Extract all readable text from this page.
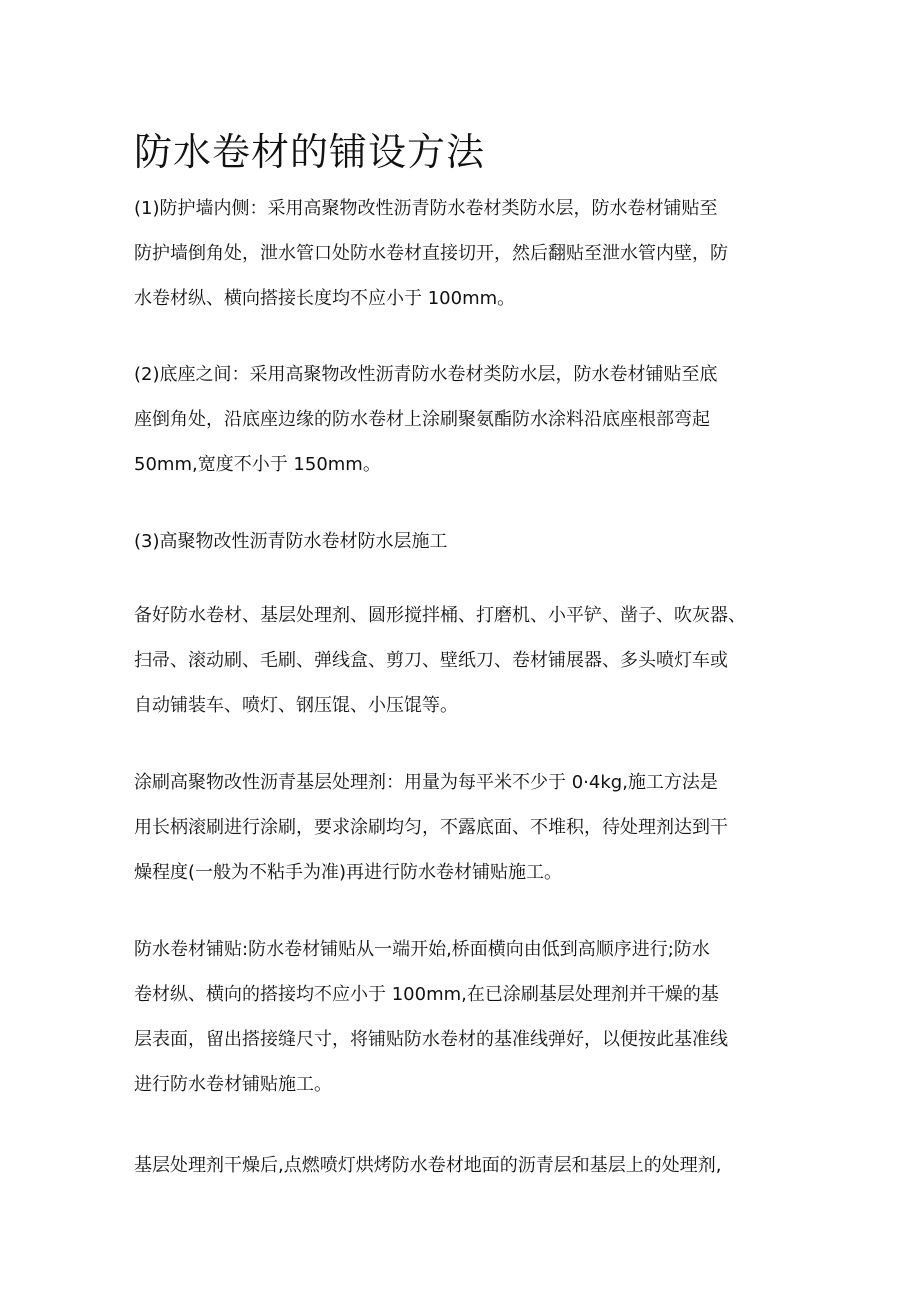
防水卷材的铺设方法
(1)防护墙内侧：采用高聚物改性沥青防水卷材类防水层，防水卷材铺贴至
防护墙倒角处，泄水管口处防水卷材直接切开，然后翻贴至泄水管内壁，防
水卷材纵、横向搭接长度均不应小于 100mm。
(2)底座之间：采用高聚物改性沥青防水卷材类防水层，防水卷材铺贴至底
座倒角处，沿底座边缘的防水卷材上涂刷聚氨酯防水涂料沿底座根部弯起
50mm,宽度不小于 150mm。
(3)高聚物改性沥青防水卷材防水层施工
备好防水卷材、基层处理剂、圆形搅拌桶、打磨机、小平铲、凿子、吹灰器、
扫帚、滚动刷、毛刷、弹线盒、剪刀、壁纸刀、卷材铺展器、多头喷灯车或
自动铺装车、喷灯、钢压馄、小压馄等。
涂刷高聚物改性沥青基层处理剂：用量为每平米不少于 0·4kg,施工方法是
用长柄滚刷进行涂刷，要求涂刷均匀，不露底面、不堆积，待处理剂达到干
燥程度(一般为不粘手为准)再进行防水卷材铺贴施工。
防水卷材铺贴:防水卷材铺贴从一端开始,桥面横向由低到高顺序进行;防水
卷材纵、横向的搭接均不应小于 100mm,在已涂刷基层处理剂并干燥的基
层表面，留出搭接缝尺寸，将铺贴防水卷材的基准线弹好，以便按此基准线
进行防水卷材铺贴施工。
基层处理剂干燥后,点燃喷灯烘烤防水卷材地面的沥青层和基层上的处理剂,
